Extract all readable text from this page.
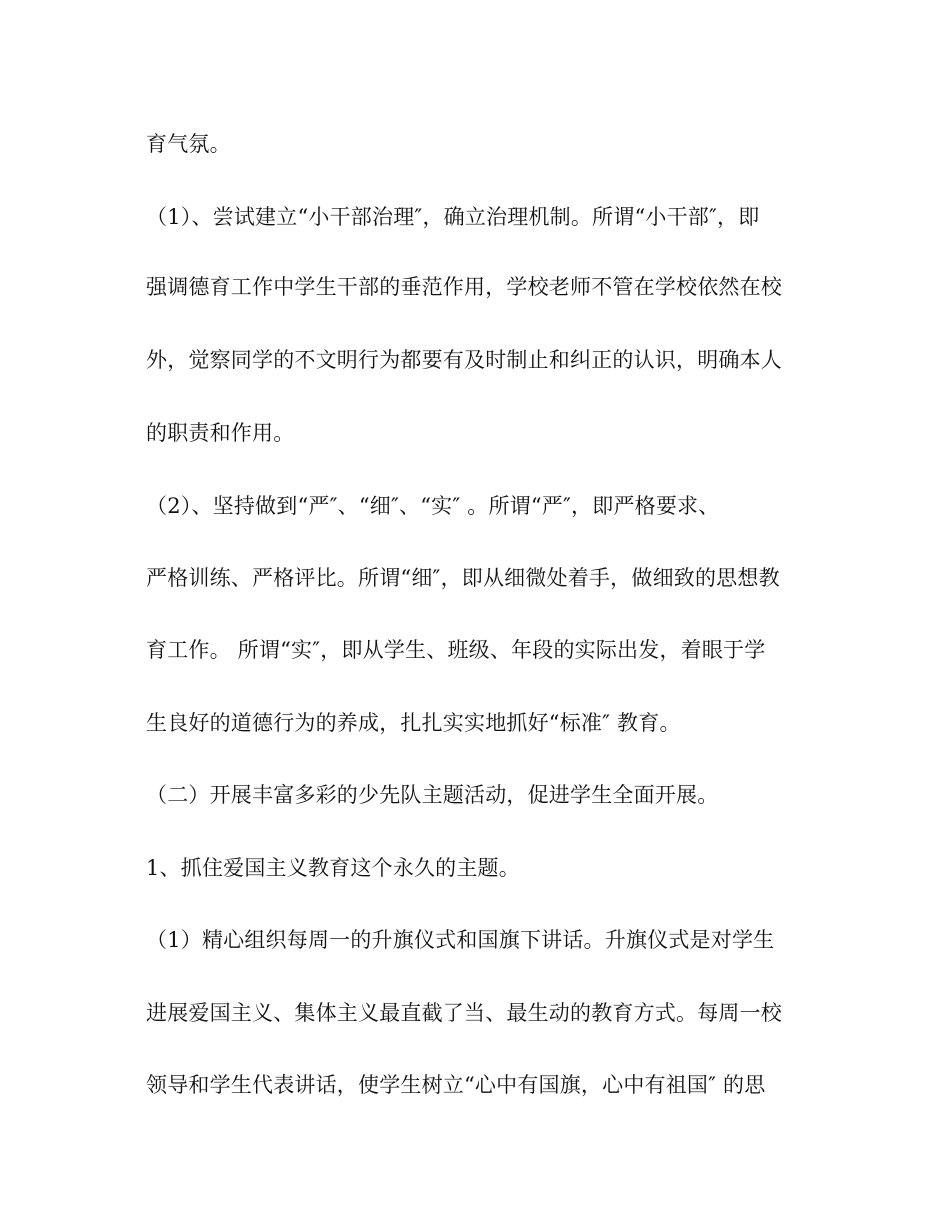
育气氛。
（1）、尝试建立“小干部治理″，确立治理机制。所谓“小干部″，即
强调德育工作中学生干部的垂范作用，学校老师不管在学校依然在校
外，觉察同学的不文明行为都要有及时制止和纠正的认识，明确本人
的职责和作用。
（2）、坚持做到“严″、“细″、“实″ 。所谓“严″，即严格要求、
严格训练、严格评比。所谓“细″，即从细微处着手，做细致的思想教
育工作。 所谓“实″，即从学生、班级、年段的实际出发，着眼于学
生良好的道德行为的养成，扎扎实实地抓好“标准″ 教育。
（二）开展丰富多彩的少先队主题活动，促进学生全面开展。
1、抓住爱国主义教育这个永久的主题。
（1）精心组织每周一的升旗仪式和国旗下讲话。升旗仪式是对学生
进展爱国主义、集体主义最直截了当、最生动的教育方式。每周一校
领导和学生代表讲话，使学生树立“心中有国旗，心中有祖国″ 的思
